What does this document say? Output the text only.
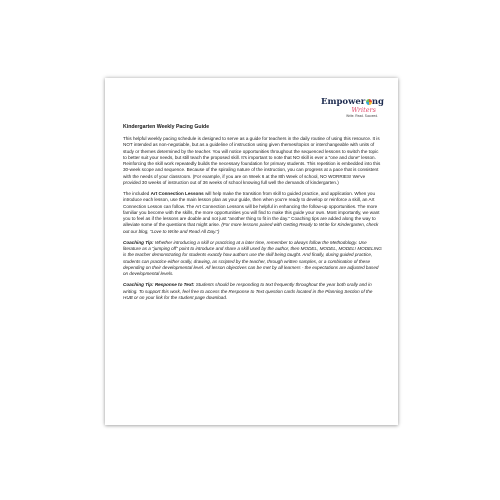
Empower ng
Writers
Write. Read. Succeed.
Kindergarten Weekly Pacing Guide

This helpful weekly pacing schedule is designed to serve as a guide for teachers in the daily routine of using this resource. It is NOT intended as non-negotiable, but as a guideline of instruction using given themes/topics or interchangeable with units of study or themes determined by the teacher. You will notice opportunities throughout the sequenced lessons to switch the topic to better suit your needs, but still teach the proposed skill. It's important to note that NO skill is ever a "one and done" lesson. Reinforcing the skill work repeatedly builds the necessary foundation for primary students. This repetition is embedded into this 30-week scope and sequence. Because of the spiraling nature of the instruction, you can progress at a pace that is consistent with the needs of your classroom. (For example, if you are on Week 6 at the 8th Week of school, NO WORRIES! We've provided 30 weeks of instruction out of 36 weeks of school knowing full well the demands of kindergarten.)

The included Art Connection Lessons will help make the transition from skill to guided practice, and application. When you introduce each lesson, use the main lesson plan as your guide, then when you're ready to develop or reinforce a skill, an Art Connection Lesson can follow. The Art Connection Lessons will be helpful in enhancing the follow-up opportunities. The more familiar you become with the skills, the more opportunities you will find to make this guide your own. Most importantly, we want you to feel as if the lessons are doable and not just "another thing to fit in the day." Coaching tips are added along the way to alleviate some of the questions that might arise. (For more lessons paired with Getting Ready to Write for Kindergarten, check out our blog, "Love to Write and Read All Day.")

Coaching Tip: Whether introducing a skill or practicing at a later time, remember to always follow the Methodology. Use literature as a "jumping off" point to introduce and share a skill used by the author, then MODEL, MODEL, MODEL! MODELING is the teacher demonstrating for students exactly how authors use the skill being taught. And finally, during guided practice, students can practice either orally, drawing, as scripted by the teacher, through written samples, or a combination of these depending on their developmental level. All lesson objectives can be met by all learners - the expectations are adjusted based on developmental levels.

Coaching Tip: Response to Text: Students should be responding to text frequently throughout the year both orally and in writing. To support this work, feel free to access the Response to Text question cards located in the Planning Section of the HUB or on your link for the student page download.
